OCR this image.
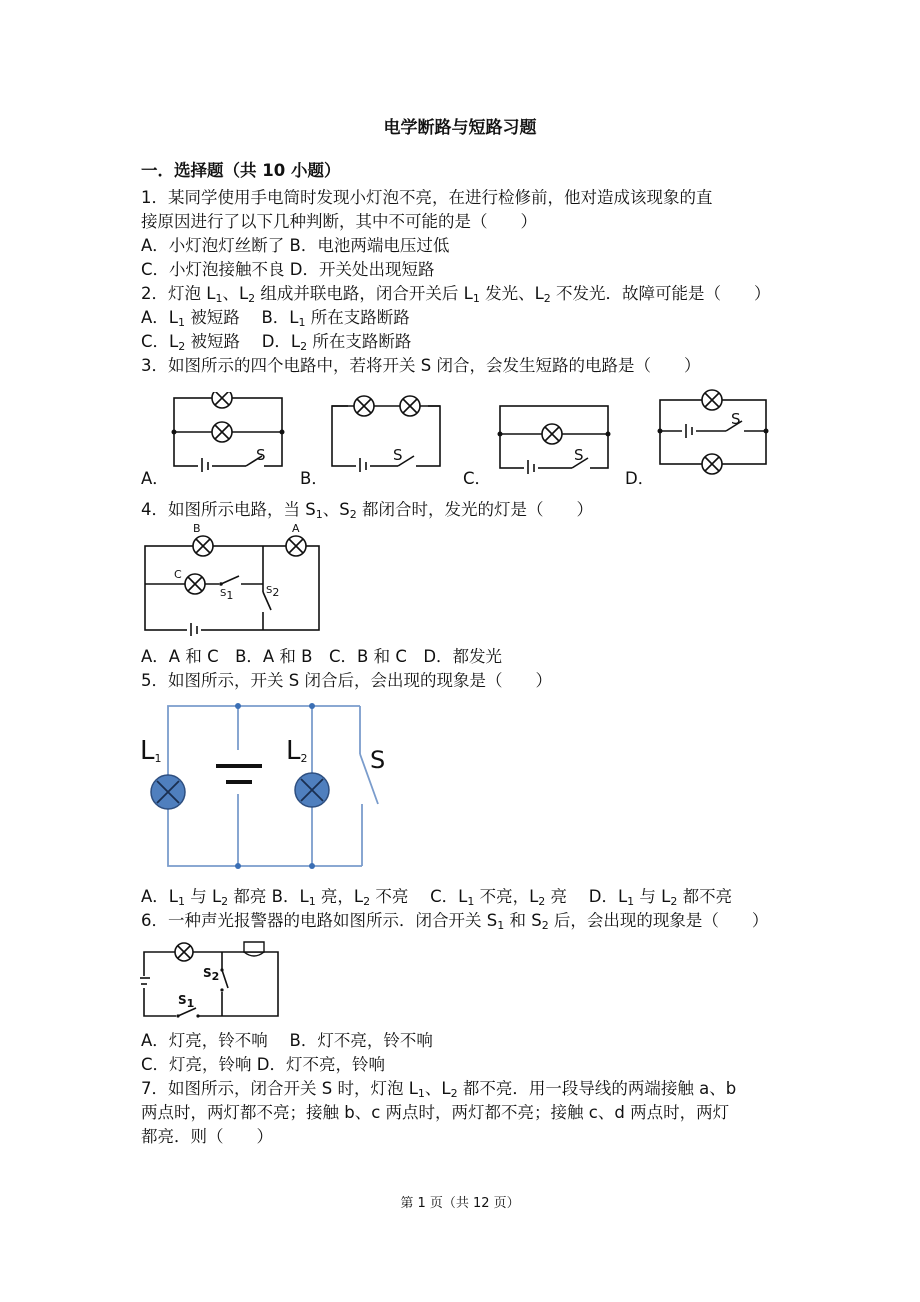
电学断路与短路习题
一．选择题（共 10 小题）
1．某同学使用手电筒时发现小灯泡不亮，在进行检修前，他对造成该现象的直
接原因进行了以下几种判断，其中不可能的是（　　）
A．小灯泡灯丝断了 B．电池两端电压过低
C．小灯泡接触不良 D．开关处出现短路
2．灯泡 $L_1$、$L_2$ 组成并联电路，闭合开关后 $L_1$ 发光、$L_2$ 不发光．故障可能是（　　）
A．$L_1$ 被短路　 B．$L_1$ 所在支路断路
C．$L_2$ 被短路　 D．$L_2$ 所在支路断路
3．如图所示的四个电路中，若将开关 S 闭合，会发生短路的电路是（　　）
A．
S
B．
S
C．
S
D．
S
4．如图所示电路，当 $S_1$、$S_2$ 都闭合时，发光的灯是（　　）
B	A
C
$S_1$	$S_2$
A．A 和 C　B．A 和 B　C．B 和 C　D．都发光
5．如图所示，开关 S 闭合后，会出现的现象是（　　）
$L_1$	$L_2$	S
A．$L_1$ 与 $L_2$ 都亮 B．$L_1$ 亮，$L_2$ 不亮　 C．$L_1$ 不亮，$L_2$ 亮　 D．$L_1$ 与 $L_2$ 都不亮
6．一种声光报警器的电路如图所示．闭合开关 $S_1$ 和 $S_2$ 后，会出现的现象是（　　）
$S_2$
$S_1$
A．灯亮，铃不响　 B．灯不亮，铃不响
C．灯亮，铃响 D．灯不亮，铃响
7．如图所示，闭合开关 S 时，灯泡 $L_1$、$L_2$ 都不亮．用一段导线的两端接触 a、b
两点时，两灯都不亮；接触 b、c 两点时，两灯都不亮；接触 c、d 两点时，两灯
都亮．则（　　）
第 1 页（共 12 页）
